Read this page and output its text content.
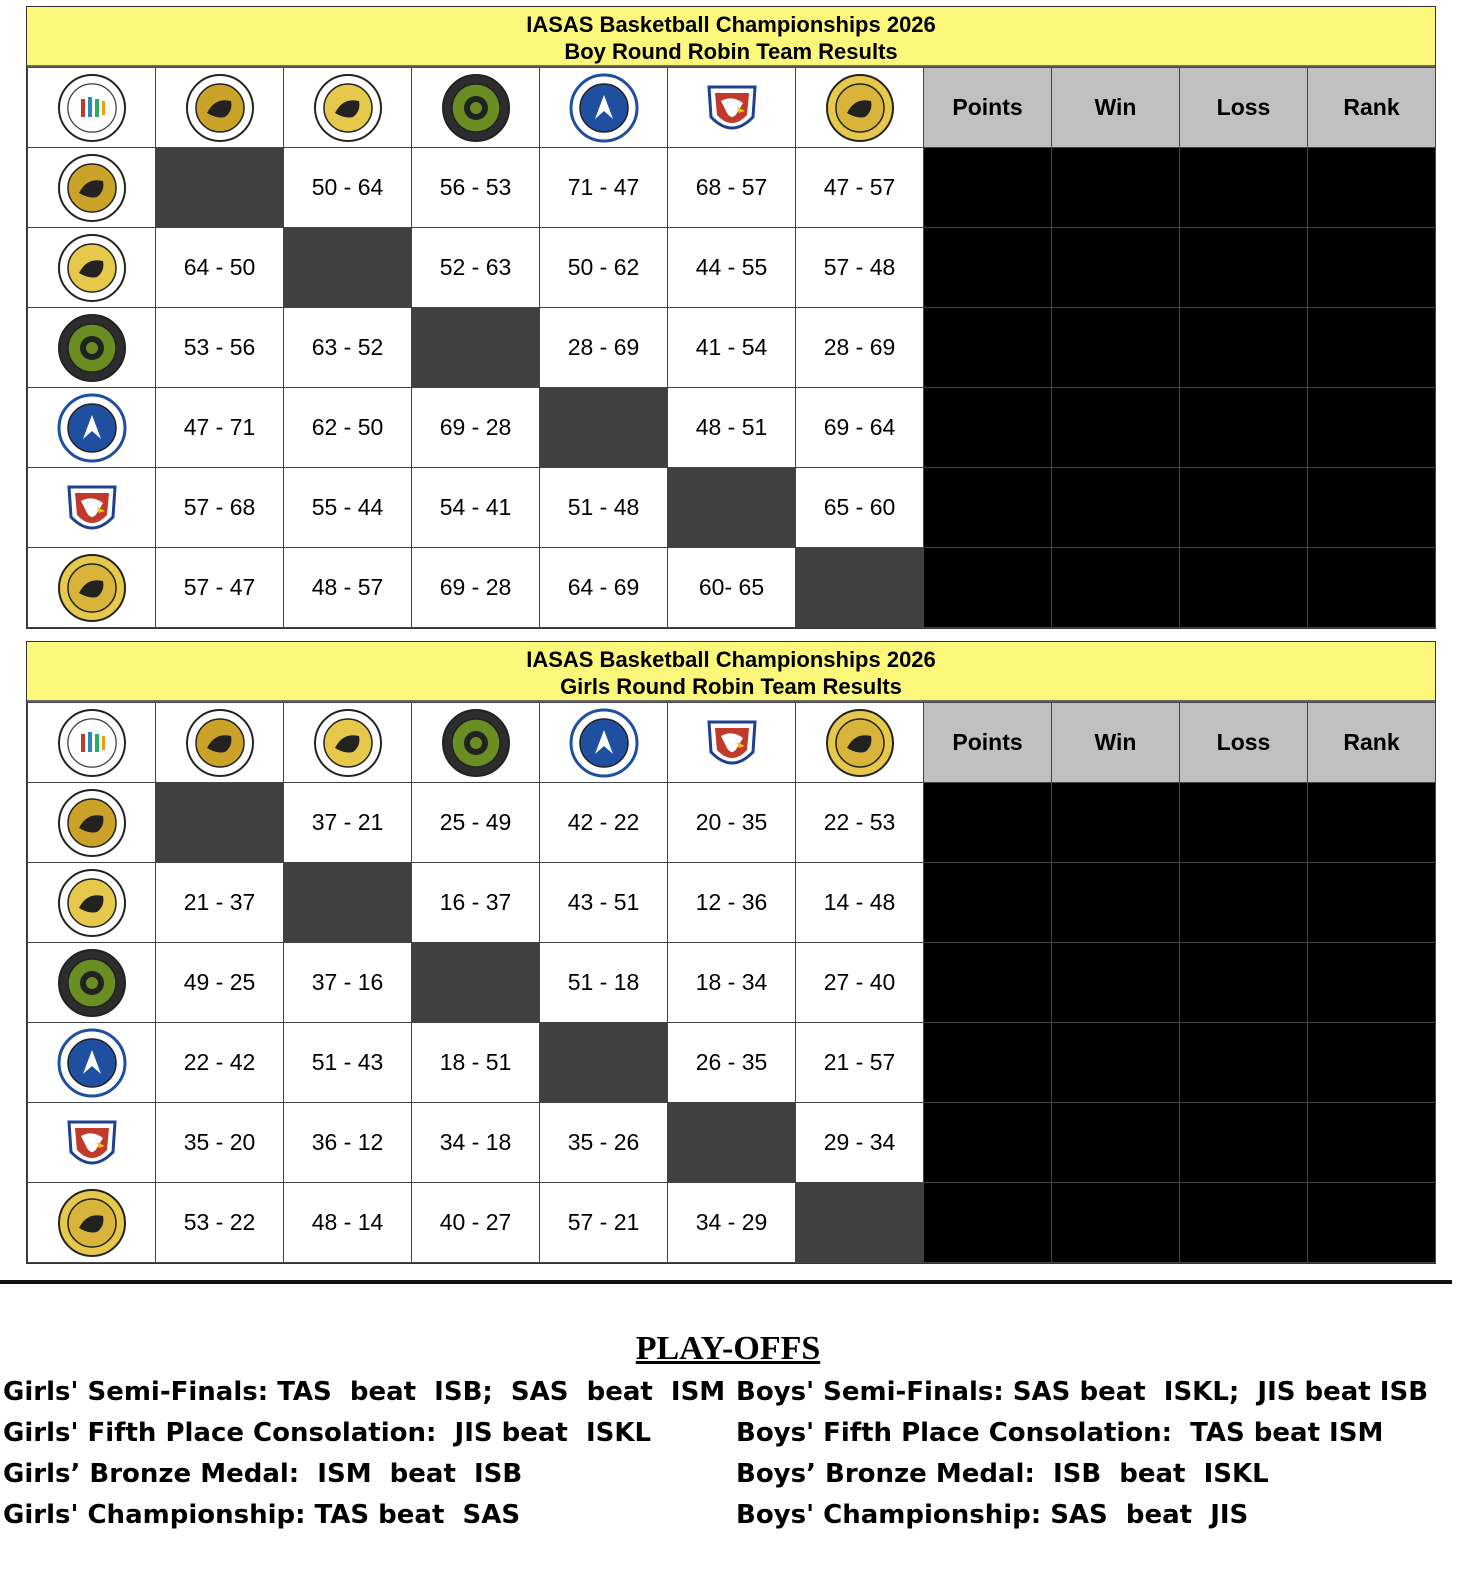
IASAS Basketball Championships 2026
Boy Round Robin Team Results
							Points	Win	Loss	Rank
		50 - 64	56 - 53	71 - 47	68 - 57	47 - 57	8	3	2	2nd
	64 - 50		52 - 63	50 - 62	44 - 55	57 - 48	7	2	3	4th
	53 - 56	63 - 52		28 - 69	41 - 54	28 - 69	6	1	4	6th
	47 - 71	62 - 50	69 - 28		48 - 51	69 - 64	8	3	2	3rd
	57 - 68	55 - 44	54 - 41	51 - 48		65 - 60	9	4	1	1st
	57 - 47	48 - 57	69 - 28	64 - 69	60- 65		7	2	3	5th
IASAS Basketball Championships 2026
Girls Round Robin Team Results
							Points	Win	Loss	Rank
		37 - 21	25 - 49	42 - 22	20 - 35	22 - 53	7	2	3	4th
	21 - 37		16 - 37	43 - 51	12 - 36	14 - 48	5	0	5	6th
	49 - 25	37 - 16		51 - 18	18 - 34	27 - 40	8	3	2	3rd
	22 - 42	51 - 43	18 - 51		26 - 35	21 - 57	6	1	4	5th
	35 - 20	36 - 12	34 - 18	35 - 26		29 - 34	9	4	1	2nd
	53 - 22	48 - 14	40 - 27	57 - 21	34 - 29		10	5	0	1st
PLAY-OFFS
Girls' Semi-Finals: TAS  beat  ISB;  SAS  beat  ISM
Girls' Fifth Place Consolation:  JIS beat  ISKL
Girls’ Bronze Medal:  ISM  beat  ISB
Girls' Championship: TAS beat  SAS
Boys' Semi-Finals: SAS beat  ISKL;  JIS beat ISB
Boys' Fifth Place Consolation:  TAS beat ISM
Boys’ Bronze Medal:  ISB  beat  ISKL
Boys' Championship: SAS  beat  JIS
